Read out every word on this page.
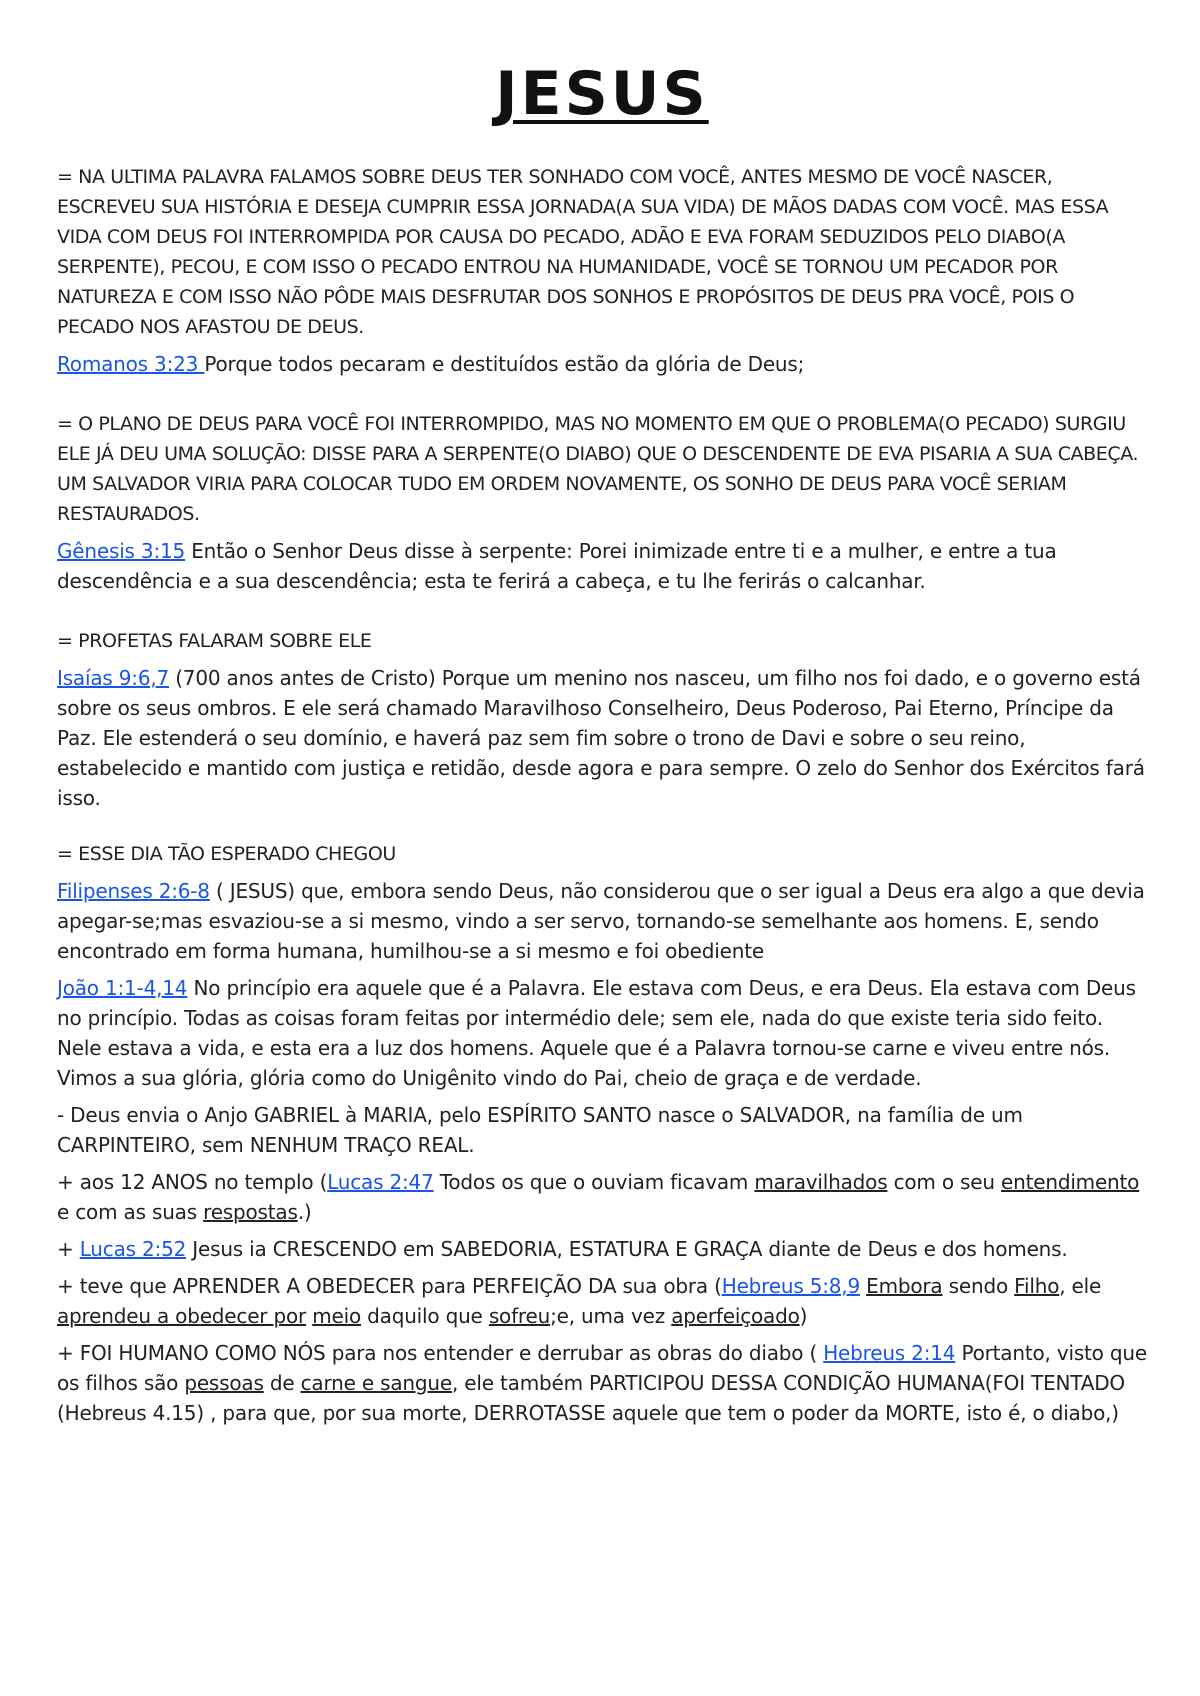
JESUS

= NA ULTIMA PALAVRA FALAMOS SOBRE DEUS TER SONHADO COM VOCÊ, ANTES MESMO DE VOCÊ NASCER, ESCREVEU SUA HISTÓRIA E DESEJA CUMPRIR ESSA JORNADA(A SUA VIDA) DE MÃOS DADAS COM VOCÊ. MAS ESSA VIDA COM DEUS FOI INTERROMPIDA POR CAUSA DO PECADO, ADÃO E EVA FORAM SEDUZIDOS PELO DIABO(A SERPENTE), PECOU, E COM ISSO O PECADO ENTROU NA HUMANIDADE, VOCÊ SE TORNOU UM PECADOR POR NATUREZA E COM ISSO NÃO PÔDE MAIS DESFRUTAR DOS SONHOS E PROPÓSITOS DE DEUS PRA VOCÊ, POIS O PECADO NOS AFASTOU DE DEUS.

Romanos 3:23 Porque todos pecaram e destituídos estão da glória de Deus;

= O PLANO DE DEUS PARA VOCÊ FOI INTERROMPIDO, MAS NO MOMENTO EM QUE O PROBLEMA(O PECADO) SURGIU ELE JÁ DEU UMA SOLUÇÃO: DISSE PARA A SERPENTE(O DIABO) QUE O DESCENDENTE DE EVA PISARIA A SUA CABEÇA. UM SALVADOR VIRIA PARA COLOCAR TUDO EM ORDEM NOVAMENTE, OS SONHO DE DEUS PARA VOCÊ SERIAM RESTAURADOS.

Gênesis 3:15 Então o Senhor Deus disse à serpente: Porei inimizade entre ti e a mulher, e entre a tua descendência e a sua descendência; esta te ferirá a cabeça, e tu lhe ferirás o calcanhar.

= PROFETAS FALARAM SOBRE ELE

Isaías 9:6,7 (700 anos antes de Cristo) Porque um menino nos nasceu, um filho nos foi dado, e o governo está sobre os seus ombros. E ele será chamado Maravilhoso Conselheiro, Deus Poderoso, Pai Eterno, Príncipe da Paz. Ele estenderá o seu domínio, e haverá paz sem fim sobre o trono de Davi e sobre o seu reino, estabelecido e mantido com justiça e retidão, desde agora e para sempre. O zelo do Senhor dos Exércitos fará isso.

= ESSE DIA TÃO ESPERADO CHEGOU

Filipenses 2:6-8 ( JESUS) que, embora sendo Deus, não considerou que o ser igual a Deus era algo a que devia apegar-se;mas esvaziou-se a si mesmo, vindo a ser servo, tornando-se semelhante aos homens. E, sendo encontrado em forma humana, humilhou-se a si mesmo e foi obediente

João 1:1-4,14 No princípio era aquele que é a Palavra. Ele estava com Deus, e era Deus. Ela estava com Deus no princípio. Todas as coisas foram feitas por intermédio dele; sem ele, nada do que existe teria sido feito. Nele estava a vida, e esta era a luz dos homens. Aquele que é a Palavra tornou-se carne e viveu entre nós. Vimos a sua glória, glória como do Unigênito vindo do Pai, cheio de graça e de verdade.

- Deus envia o Anjo GABRIEL à MARIA, pelo ESPÍRITO SANTO nasce o SALVADOR, na família de um CARPINTEIRO, sem NENHUM TRAÇO REAL.

+ aos 12 ANOS no templo (Lucas 2:47 Todos os que o ouviam ficavam maravilhados com o seu entendimento e com as suas respostas.)

+ Lucas 2:52 Jesus ia CRESCENDO em SABEDORIA, ESTATURA E GRAÇA diante de Deus e dos homens.

+ teve que APRENDER A OBEDECER para PERFEIÇÃO DA sua obra (Hebreus 5:8,9 Embora sendo Filho, ele aprendeu a obedecer por meio daquilo que sofreu;e, uma vez aperfeiçoado)

+ FOI HUMANO COMO NÓS para nos entender e derrubar as obras do diabo ( Hebreus 2:14 Portanto, visto que os filhos são pessoas de carne e sangue, ele também PARTICIPOU DESSA CONDIÇÃO HUMANA(FOI TENTADO (Hebreus 4.15) , para que, por sua morte, DERROTASSE aquele que tem o poder da MORTE, isto é, o diabo,)
